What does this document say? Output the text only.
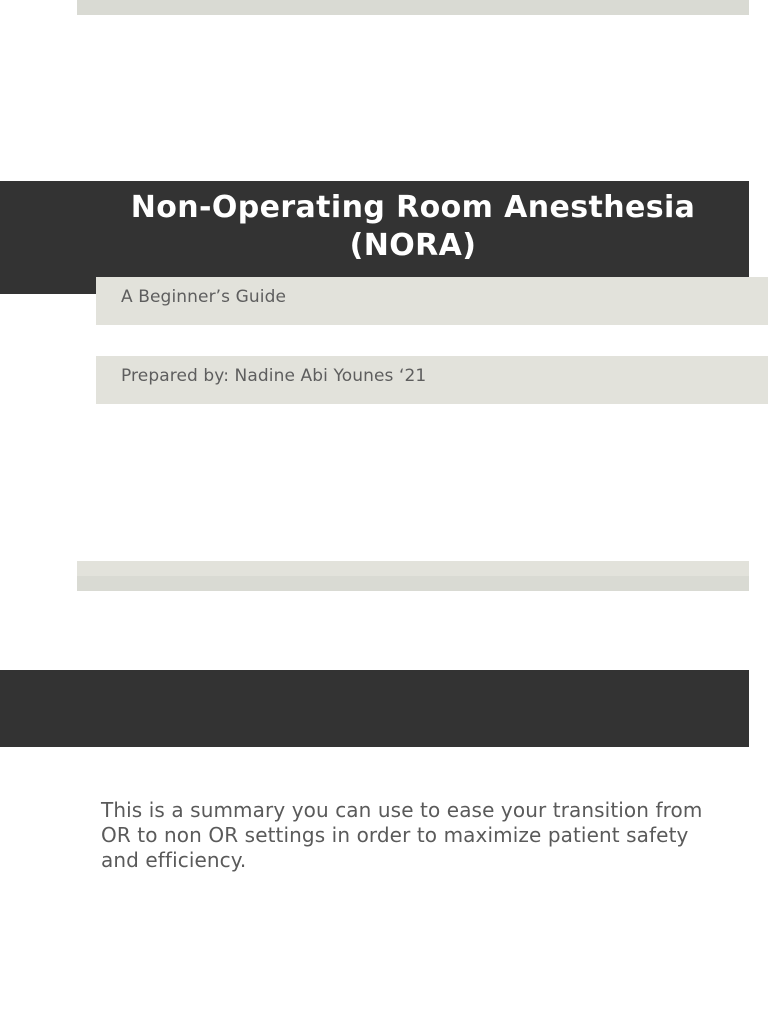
Non-Operating Room Anesthesia
(NORA)
A Beginner’s Guide
Prepared by: Nadine Abi Younes ‘21
This is a summary you can use to ease your transition from OR to non OR settings in order to maximize patient safety and efficiency.
